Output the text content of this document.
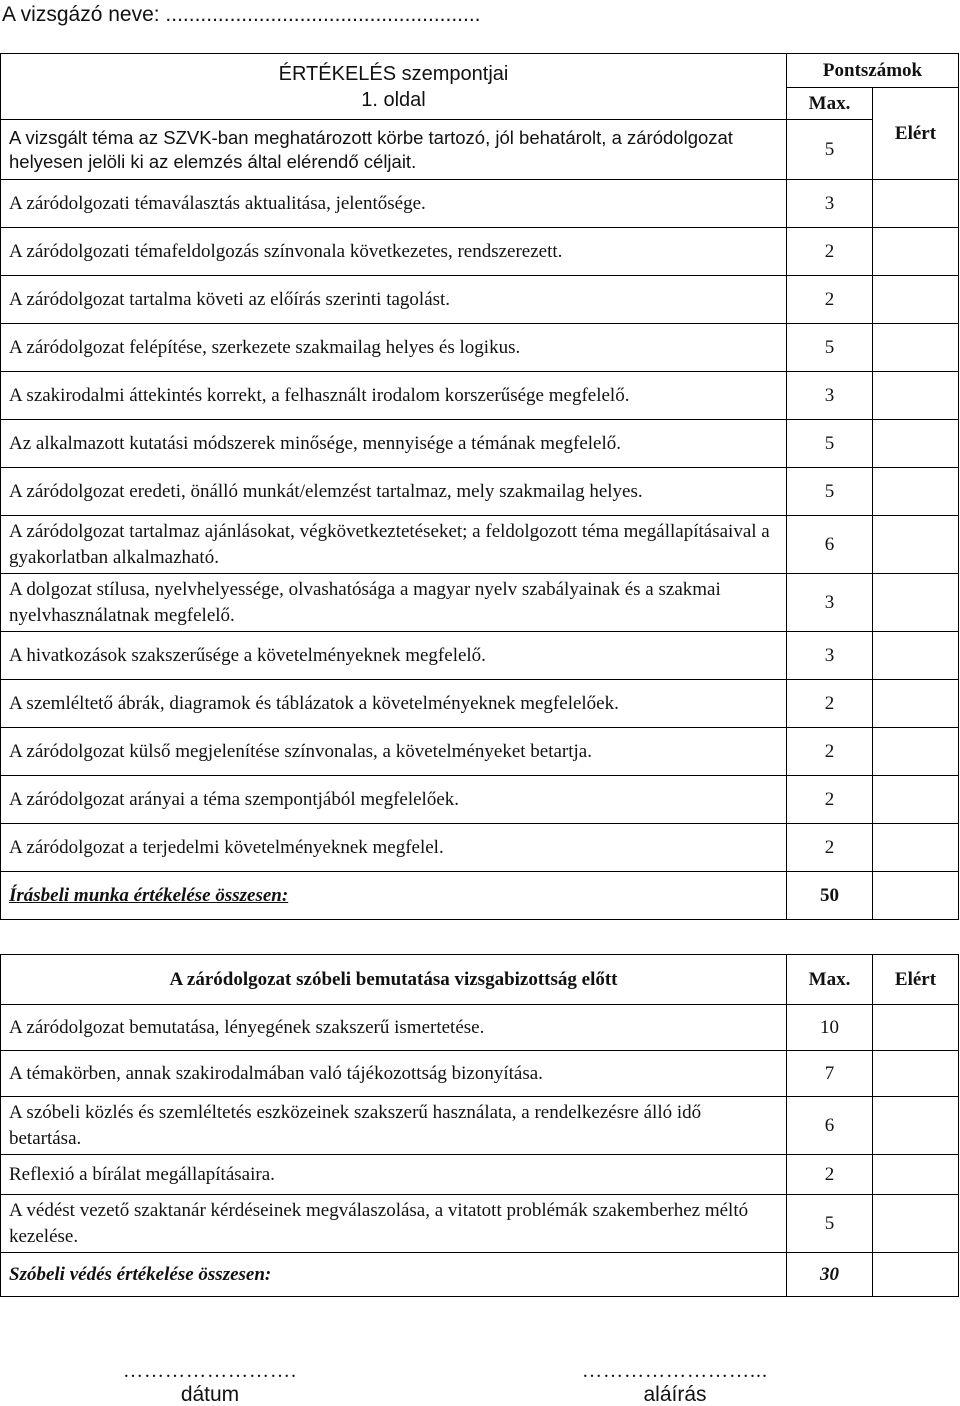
A vizsgázó neve: ......................................................
ÉRTÉKELÉS szempontjai
1. oldal	Pontszámok	
	Max.	Elért
A vizsgált téma az SZVK-ban meghatározott körbe tartozó, jól behatárolt, a záródolgozat helyesen jelöli ki az elemzés által elérendő céljait.	5	
A záródolgozati témaválasztás aktualitása, jelentősége.	3	
A záródolgozati témafeldolgozás színvonala következetes, rendszerezett.	2	
A záródolgozat tartalma követi az előírás szerinti tagolást.	2	
A záródolgozat felépítése, szerkezete szakmailag helyes és logikus.	5	
A szakirodalmi áttekintés korrekt, a felhasznált irodalom korszerűsége megfelelő.	3	
Az alkalmazott kutatási módszerek minősége, mennyisége a témának megfelelő.	5	
A záródolgozat eredeti, önálló munkát/elemzést tartalmaz, mely szakmailag helyes.	5	
A záródolgozat tartalmaz ajánlásokat, végkövetkeztetéseket; a feldolgozott téma megállapításaival a gyakorlatban alkalmazható.	6	
A dolgozat stílusa, nyelvhelyessége, olvashatósága a magyar nyelv szabályainak és a szakmai nyelvhasználatnak megfelelő.	3	
A hivatkozások szakszerűsége a követelményeknek megfelelő.	3	
A szemléltető ábrák, diagramok és táblázatok a követelményeknek megfelelőek.	2	
A záródolgozat külső megjelenítése színvonalas, a követelményeket betartja.	2	
A záródolgozat arányai a téma szempontjából megfelelőek.	2	
A záródolgozat a terjedelmi követelményeknek megfelel.	2	
Írásbeli munka értékelése összesen:	50	
A záródolgozat szóbeli bemutatása vizsgabizottság előtt	Max.	Elért
A záródolgozat bemutatása, lényegének szakszerű ismertetése.	10	
A témakörben, annak szakirodalmában való tájékozottság bizonyítása.	7	
A szóbeli közlés és szemléltetés eszközeinek szakszerű használata, a rendelkezésre álló idő betartása.	6	
Reflexió a bírálat megállapításaira.	2	
A védést vezető szaktanár kérdéseinek megválaszolása, a vitatott problémák szakemberhez méltó kezelése.	5	
Szóbeli védés értékelése összesen:	30	
…………………….
dátum
……………………...
aláírás
